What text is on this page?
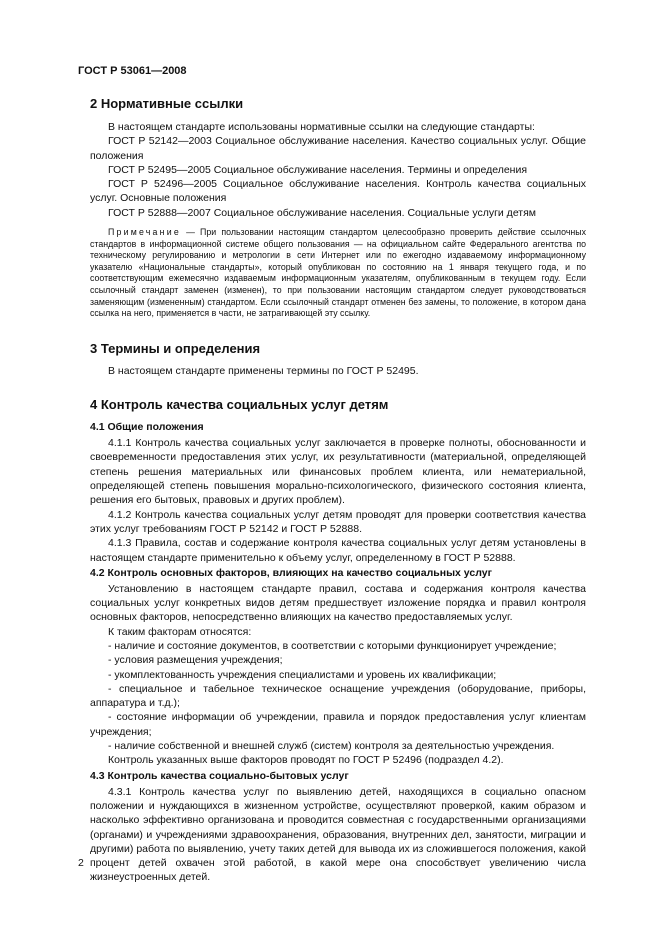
ГОСТ Р 53061—2008

2 Нормативные ссылки

В настоящем стандарте использованы нормативные ссылки на следующие стандарты:

ГОСТ Р 52142—2003 Социальное обслуживание населения. Качество социальных услуг. Общие положения

ГОСТ Р 52495—2005 Социальное обслуживание населения. Термины и определения

ГОСТ Р 52496—2005 Социальное обслуживание населения. Контроль качества социальных услуг. Основные положения

ГОСТ Р 52888—2007 Социальное обслуживание населения. Социальные услуги детям

Примечание — При пользовании настоящим стандартом целесообразно проверить действие ссылочных стандартов в информационной системе общего пользования — на официальном сайте Федерального агентства по техническому регулированию и метрологии в сети Интернет или по ежегодно издаваемому информационному указателю «Национальные стандарты», который опубликован по состоянию на 1 января текущего года, и по соответствующим ежемесячно издаваемым информационным указателям, опубликованным в текущем году. Если ссылочный стандарт заменен (изменен), то при пользовании настоящим стандартом следует руководствоваться заменяющим (измененным) стандартом. Если ссылочный стандарт отменен без замены, то положение, в котором дана ссылка на него, применяется в части, не затрагивающей эту ссылку.

3 Термины и определения

В настоящем стандарте применены термины по ГОСТ Р 52495.

4 Контроль качества социальных услуг детям
4.1 Общие положения

4.1.1 Контроль качества социальных услуг заключается в проверке полноты, обоснованности и своевременности предоставления этих услуг, их результативности (материальной, определяющей степень решения материальных или финансовых проблем клиента, или нематериальной, определяющей степень повышения морально-психологического, физического состояния клиента, решения его бытовых, правовых и других проблем).

4.1.2 Контроль качества социальных услуг детям проводят для проверки соответствия качества этих услуг требованиям ГОСТ Р 52142 и ГОСТ Р 52888.

4.1.3 Правила, состав и содержание контроля качества социальных услуг детям установлены в настоящем стандарте применительно к объему услуг, определенному в ГОСТ Р 52888.

4.2 Контроль основных факторов, влияющих на качество социальных услуг

Установлению в настоящем стандарте правил, состава и содержания контроля качества социальных услуг конкретных видов детям предшествует изложение порядка и правил контроля основных факторов, непосредственно влияющих на качество предоставляемых услуг.

К таким факторам относятся:

- наличие и состояние документов, в соответствии с которыми функционирует учреждение;

- условия размещения учреждения;

- укомплектованность учреждения специалистами и уровень их квалификации;

- специальное и табельное техническое оснащение учреждения (оборудование, приборы, аппаратура и т.д.);

- состояние информации об учреждении, правила и порядок предоставления услуг клиентам учреждения;

- наличие собственной и внешней служб (систем) контроля за деятельностью учреждения.

Контроль указанных выше факторов проводят по ГОСТ Р 52496 (подраздел 4.2).

4.3 Контроль качества социально-бытовых услуг

4.3.1 Контроль качества услуг по выявлению детей, находящихся в социально опасном положении и нуждающихся в жизненном устройстве, осуществляют проверкой, каким образом и насколько эффективно организована и проводится совместная с государственными организациями (органами) и учреждениями здравоохранения, образования, внутренних дел, занятости, миграции и другими) работа по выявлению, учету таких детей для вывода их из сложившегося положения, какой процент детей охвачен этой работой, в какой мере она способствует увеличению числа жизнеустроенных детей.

2
